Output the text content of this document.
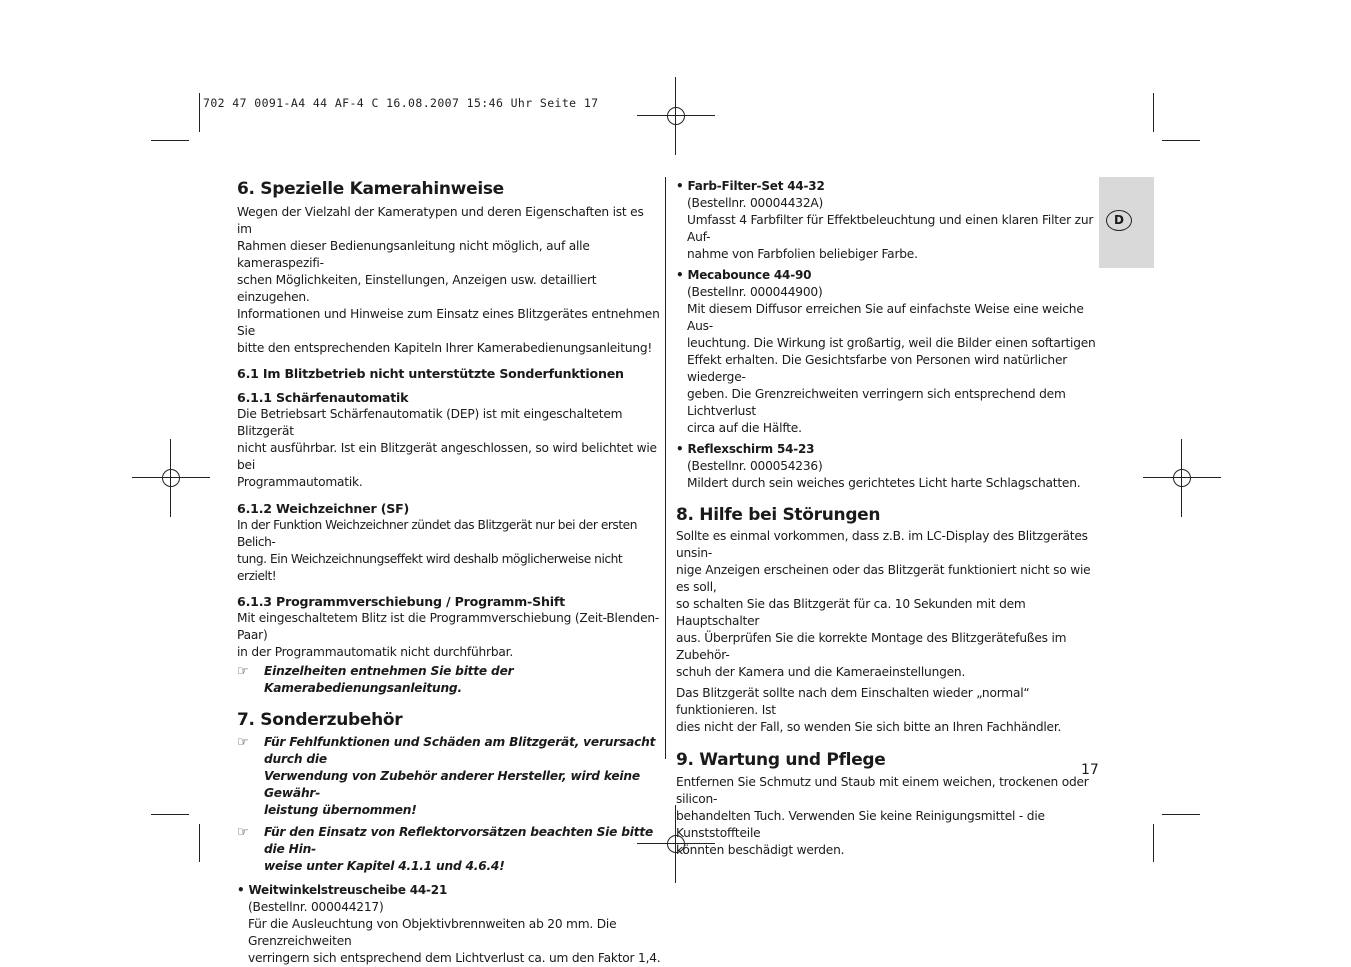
702 47 0091-A4 44 AF-4 C 16.08.2007 15:46 Uhr Seite 17
D
6. Spezielle Kamerahinweise

Wegen der Vielzahl der Kameratypen und deren Eigenschaften ist es im
Rahmen dieser Bedienungsanleitung nicht möglich, auf alle kameraspezifi-
schen Möglichkeiten, Einstellungen, Anzeigen usw. detailliert einzugehen.
Informationen und Hinweise zum Einsatz eines Blitzgerätes entnehmen Sie
bitte den entsprechenden Kapiteln Ihrer Kamerabedienungsanleitung!

6.1 Im Blitzbetrieb nicht unterstützte Sonderfunktionen
6.1.1 Schärfenautomatik

Die Betriebsart Schärfenautomatik (DEP) ist mit eingeschaltetem Blitzgerät
nicht ausführbar. Ist ein Blitzgerät angeschlossen, so wird belichtet wie bei
Programmautomatik.

6.1.2 Weichzeichner (SF)

In der Funktion Weichzeichner zündet das Blitzgerät nur bei der ersten Belich-
tung. Ein Weichzeichnungseffekt wird deshalb möglicherweise nicht erzielt!

6.1.3 Programmverschiebung / Programm-Shift

Mit eingeschaltetem Blitz ist die Programmverschiebung (Zeit-Blenden-Paar)
in der Programmautomatik nicht durchführbar.

☞	Einzelheiten entnehmen Sie bitte der Kamerabedienungsanleitung.
7. Sonderzubehör
☞	Für Fehlfunktionen und Schäden am Blitzgerät, verursacht durch die
Verwendung von Zubehör anderer Hersteller, wird keine Gewähr-
leistung übernommen!
☞	Für den Einsatz von Reflektorvorsätzen beachten Sie bitte die Hin-
weise unter Kapitel 4.1.1 und 4.6.4!
• Weitwinkelstreuscheibe 44-21
(Bestellnr. 000044217)
Für die Ausleuchtung von Objektivbrennweiten ab 20 mm. Die Grenzreichweiten
verringern sich entsprechend dem Lichtverlust ca. um den Faktor 1,4.
• Farb-Filter-Set 44-32
(Bestellnr. 00004432A)
Umfasst 4 Farbfilter für Effektbeleuchtung und einen klaren Filter zur Auf-
nahme von Farbfolien beliebiger Farbe.
• Mecabounce 44-90
(Bestellnr. 000044900)
Mit diesem Diffusor erreichen Sie auf einfachste Weise eine weiche Aus-
leuchtung. Die Wirkung ist großartig, weil die Bilder einen softartigen
Effekt erhalten. Die Gesichtsfarbe von Personen wird natürlicher wiederge-
geben. Die Grenzreichweiten verringern sich entsprechend dem Lichtverlust
circa auf die Hälfte.
• Reflexschirm 54-23
(Bestellnr. 000054236)
Mildert durch sein weiches gerichtetes Licht harte Schlagschatten.
8. Hilfe bei Störungen

Sollte es einmal vorkommen, dass z.B. im LC-Display des Blitzgerätes unsin-
nige Anzeigen erscheinen oder das Blitzgerät funktioniert nicht so wie es soll,
so schalten Sie das Blitzgerät für ca. 10 Sekunden mit dem Hauptschalter
aus. Überprüfen Sie die korrekte Montage des Blitzgerätefußes im Zubehör-
schuh der Kamera und die Kameraeinstellungen.

Das Blitzgerät sollte nach dem Einschalten wieder „normal“ funktionieren. Ist
dies nicht der Fall, so wenden Sie sich bitte an Ihren Fachhändler.

9. Wartung und Pflege

Entfernen Sie Schmutz und Staub mit einem weichen, trockenen oder silicon-
behandelten Tuch. Verwenden Sie keine Reinigungsmittel - die Kunststoffteile
könnten beschädigt werden.

17
